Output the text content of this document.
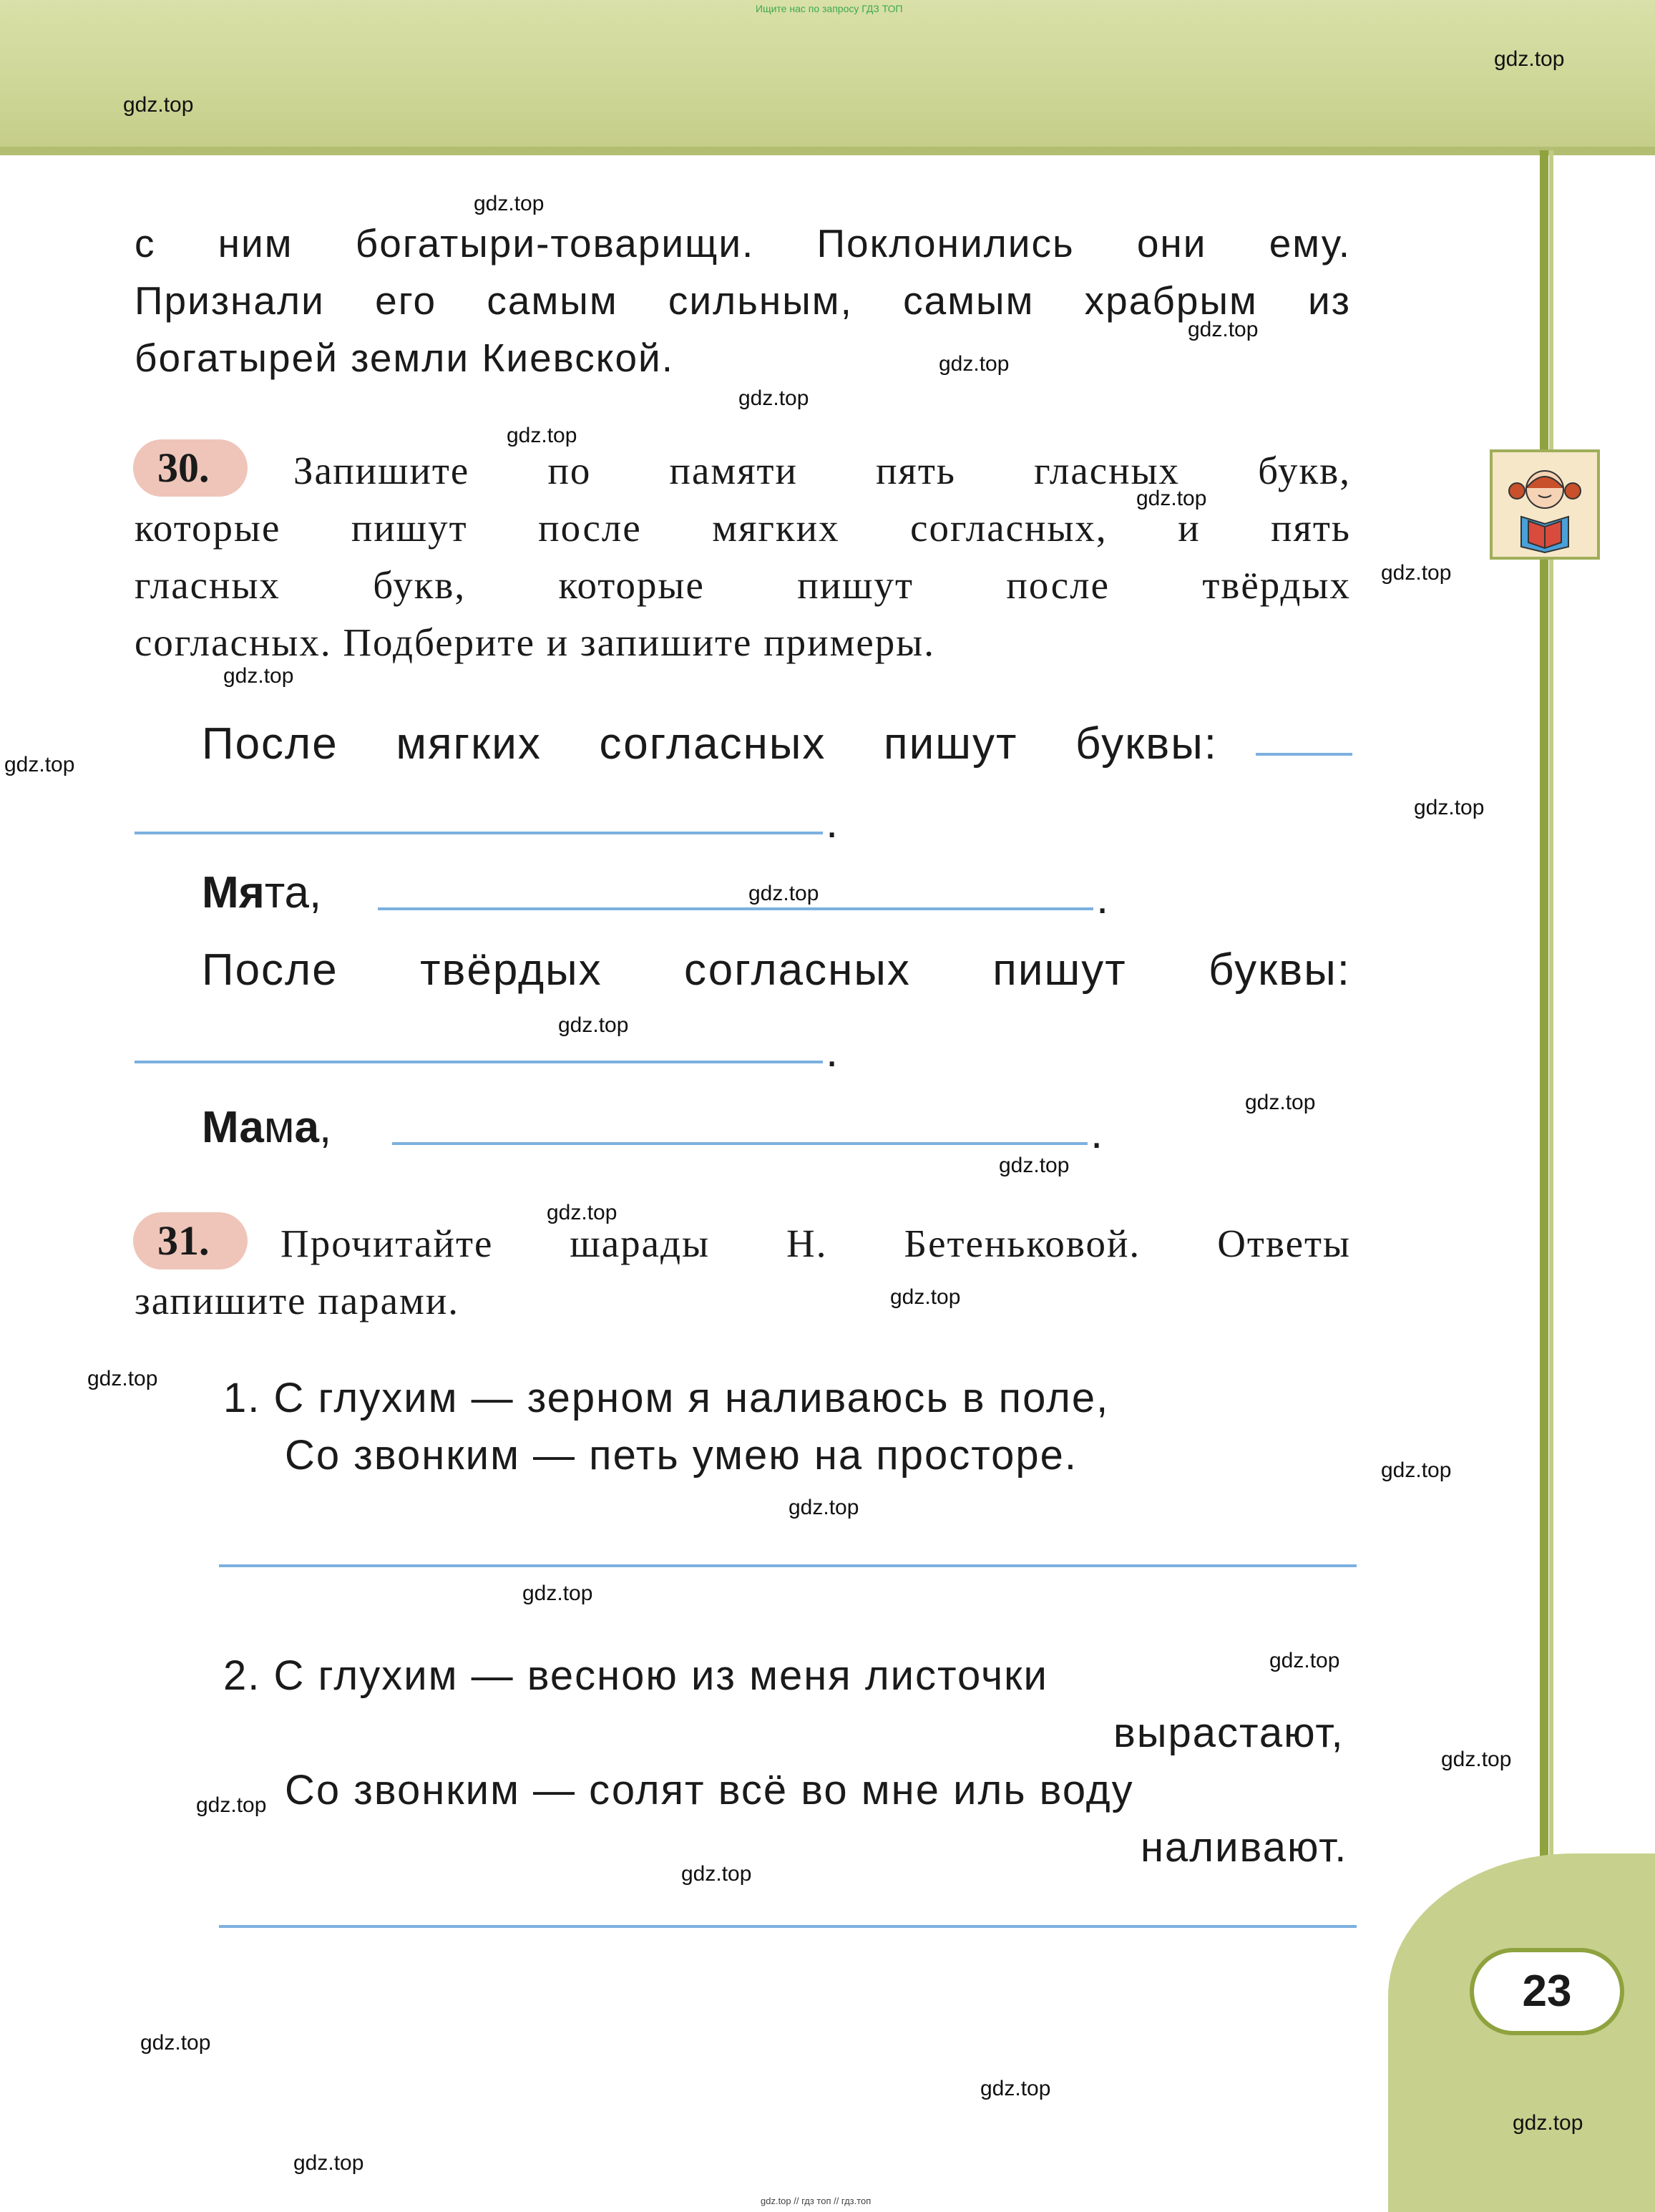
23
Ищите нас по запросу ГДЗ ТОП
gdz.top // гдз топ // гдз.топ
с ним богатыри-товарищи. Поклонились они ему.
Признали его самым сильным, самым храбрым из
богатырей земли Киевской.
30. Запишите по памяти пять гласных букв,
которые пишут после мягких согласных, и пять
гласных букв, которые пишут после твёрдых
согласных. Подберите и запишите примеры.
После мягких согласных пишут буквы:
.
Мята,	.
После твёрдых согласных пишут буквы:
.
Мама,	.
31. Прочитайте шарады Н. Бетеньковой. Ответы
запишите парами.
1. С глухим — зерном я наливаюсь в поле,
Со звонким — петь умею на просторе.
2. С глухим — весною из меня листочки
вырастают,
Со звонким — солят всё во мне иль воду
наливают.
gdz.top
gdz.top
gdz.top
gdz.top
gdz.top
gdz.top
gdz.top
gdz.top
gdz.top
gdz.top
gdz.top
gdz.top
gdz.top
gdz.top
gdz.top
gdz.top
gdz.top
gdz.top
gdz.top
gdz.top
gdz.top
gdz.top
gdz.top
gdz.top
gdz.top
gdz.top
gdz.top
gdz.top
gdz.top
gdz.top
